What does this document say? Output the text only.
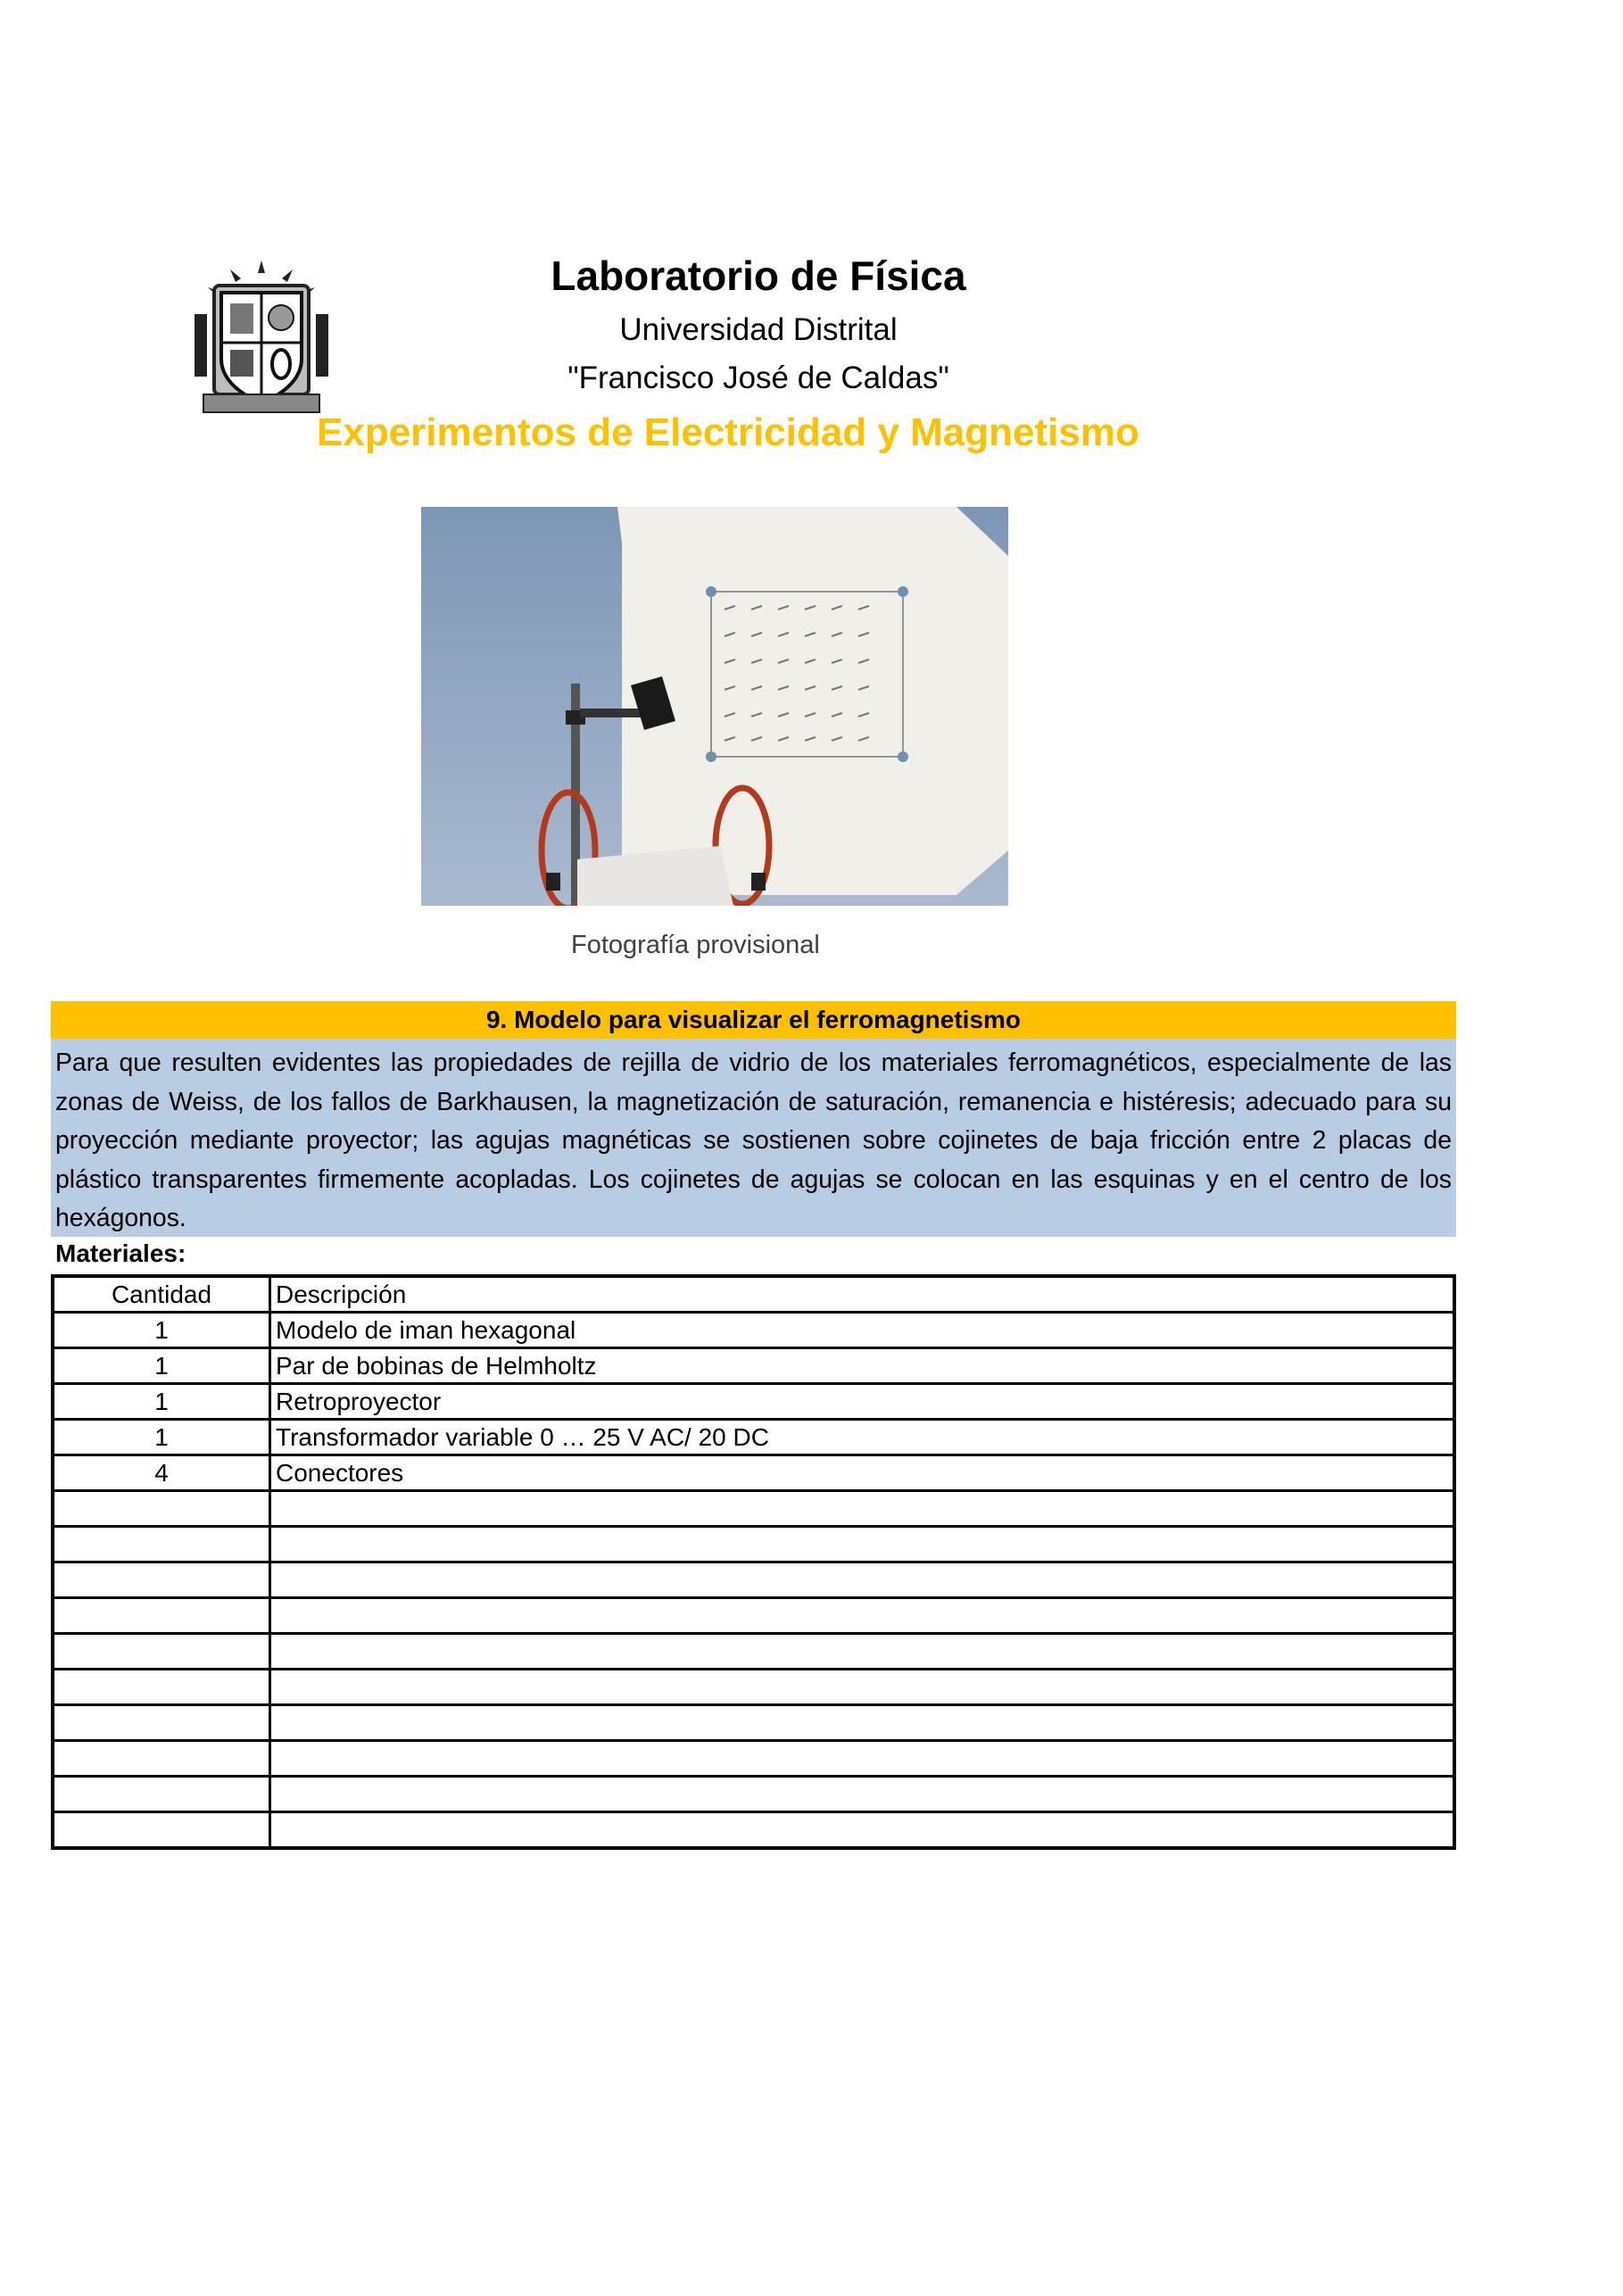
Laboratorio de Física
Universidad Distrital
"Francisco José de Caldas"
Experimentos de Electricidad y Magnetismo
Fotografía provisional
9. Modelo para visualizar el ferromagnetismo
Para que resulten evidentes las propiedades de rejilla de vidrio de los materiales ferromagnéticos, especialmente de las zonas de Weiss, de los fallos de Barkhausen, la magnetización de saturación, remanencia e histéresis; adecuado para su proyección mediante proyector; las agujas magnéticas se sostienen sobre cojinetes de baja fricción entre 2 placas de plástico transparentes firmemente acopladas. Los cojinetes de agujas se colocan en las esquinas y en el centro de los hexágonos.
Materiales:
Cantidad	Descripción
1	Modelo de iman hexagonal
1	Par de bobinas de Helmholtz
1	Retroproyector
1	Transformador variable 0 … 25 V AC/ 20 DC
4	Conectores
